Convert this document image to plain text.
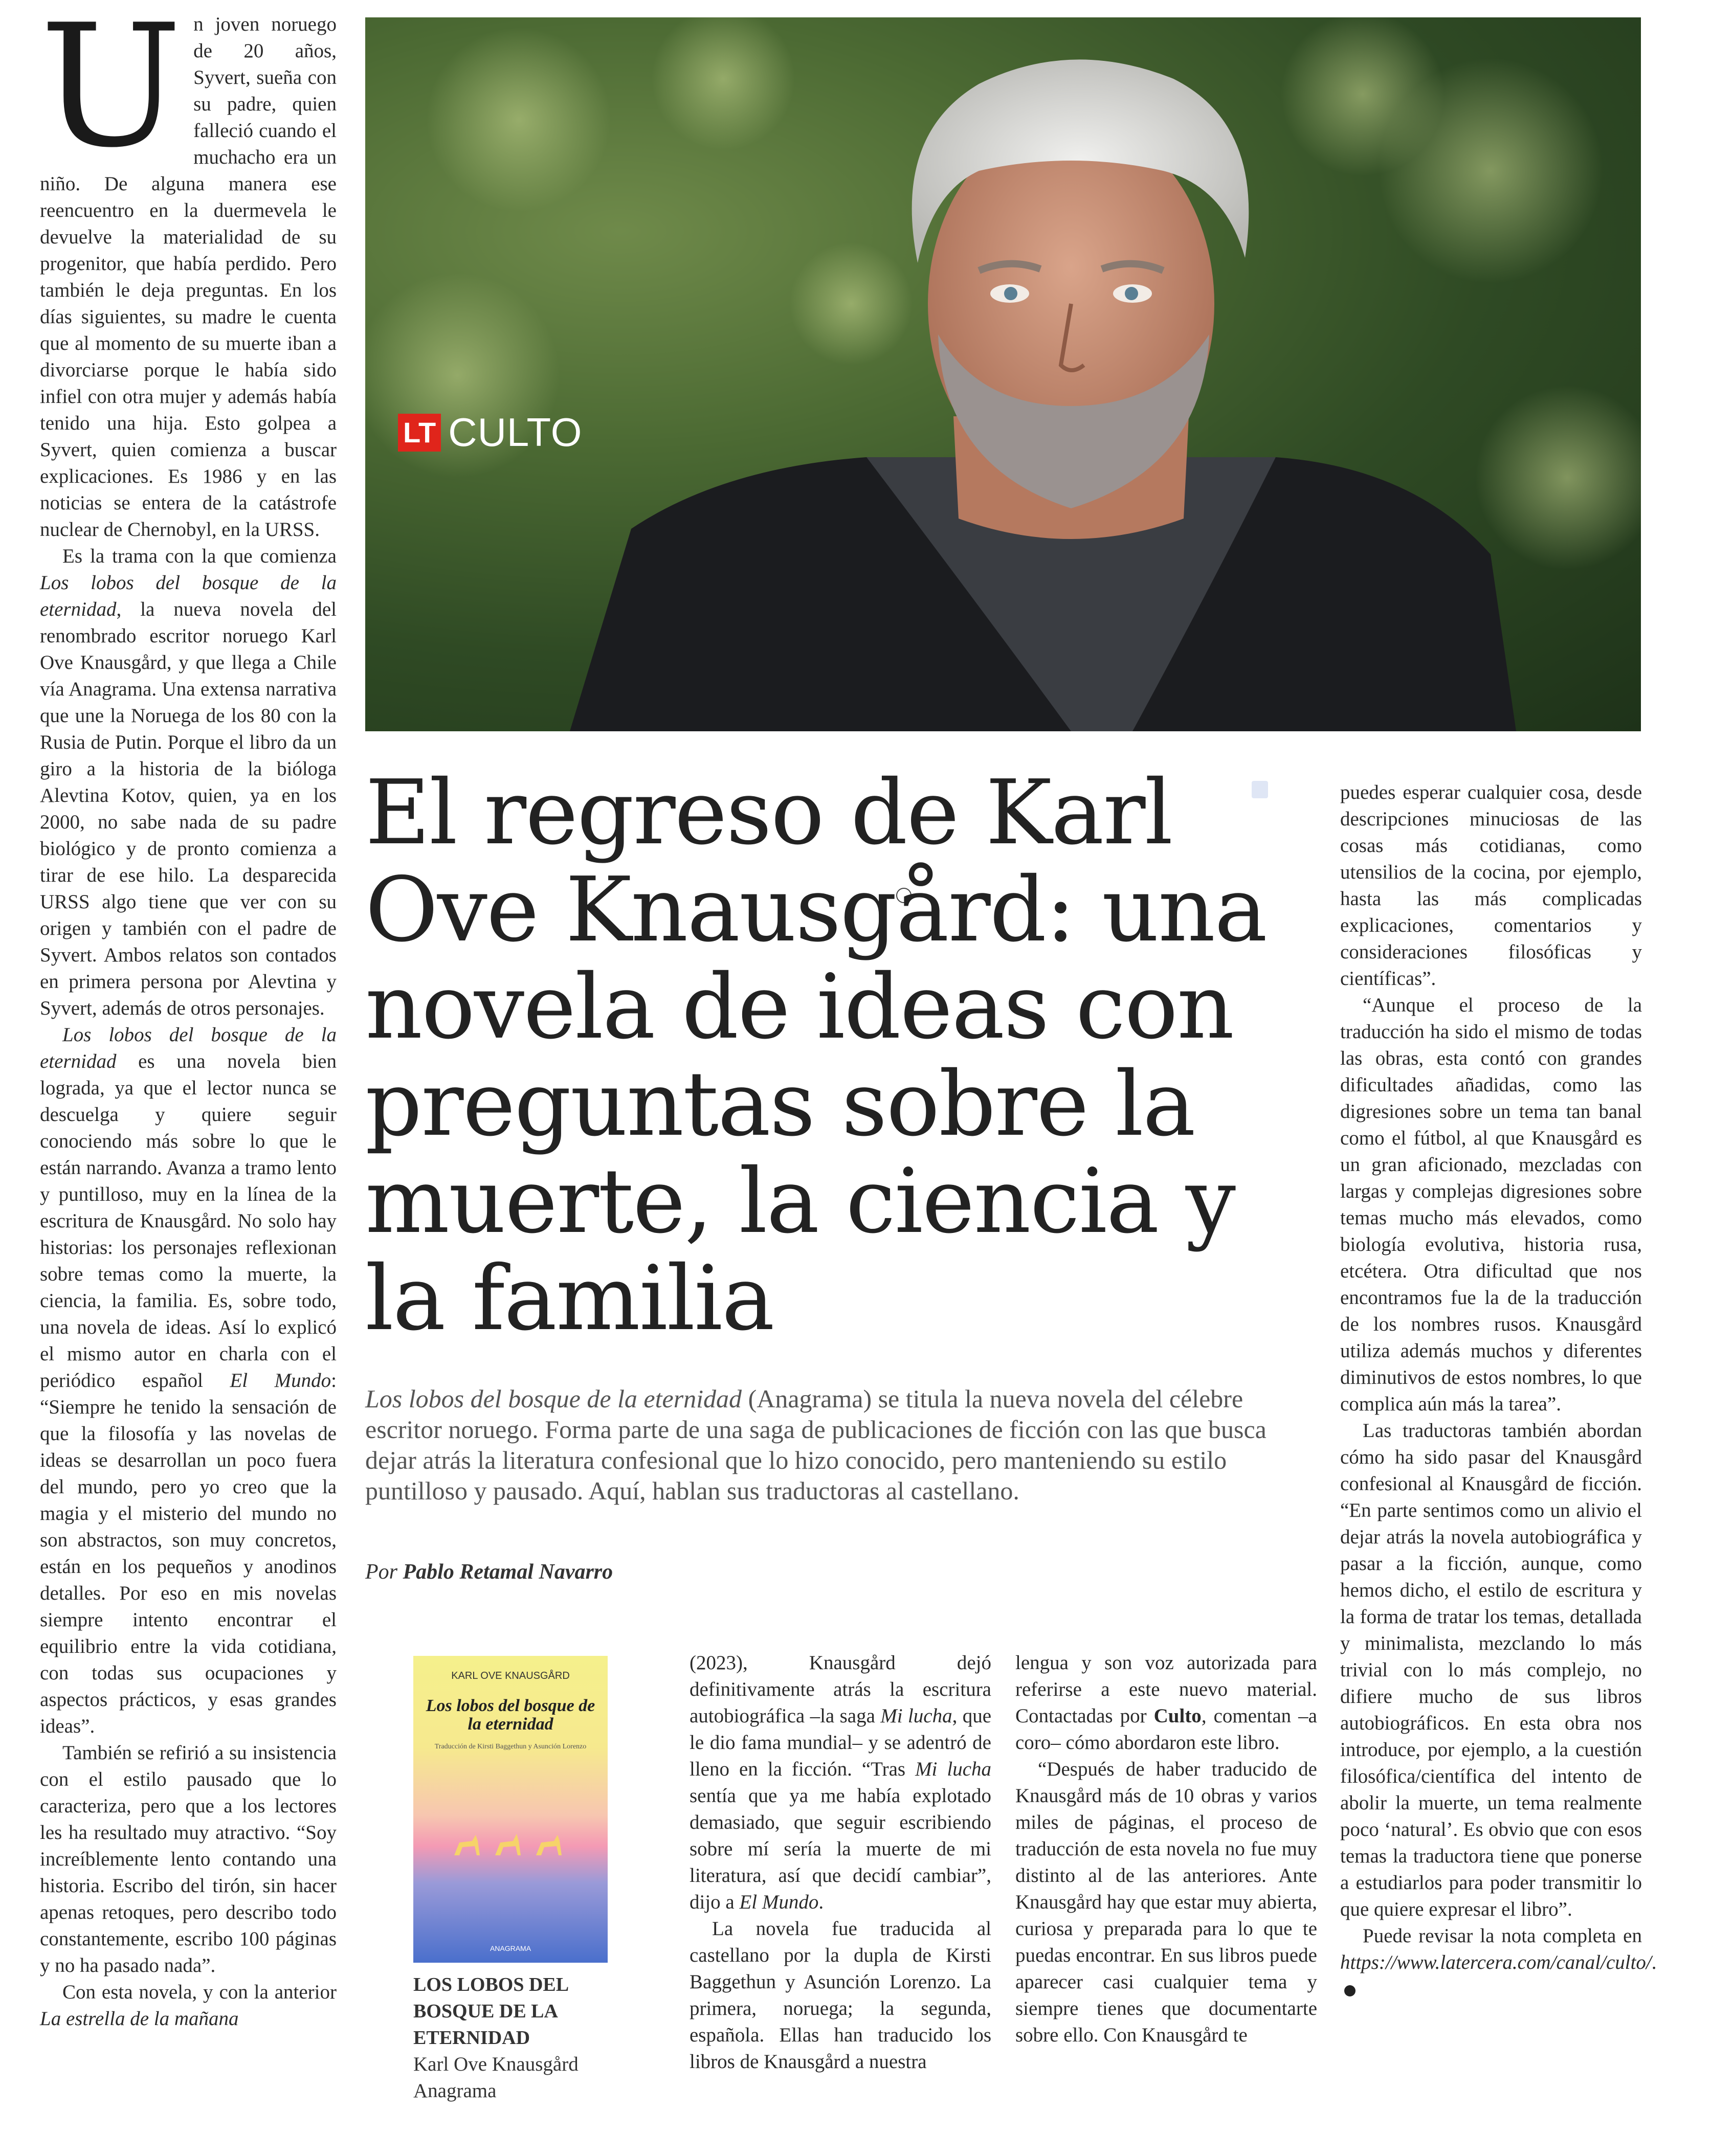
U n joven noruego de 20 años, Syvert, sueña con su padre, quien falleció cuando el muchacho era un niño. De alguna manera ese reencuentro en la duermevela le devuelve la materialidad de su progenitor, que había perdido. Pero también le deja preguntas. En los días siguientes, su madre le cuenta que al momento de su muerte iban a divorciarse porque le había sido infiel con otra mujer y además había tenido una hija. Esto golpea a Syvert, quien comienza a buscar explicaciones. Es 1986 y en las noticias se entera de la catástrofe nuclear de Chernobyl, en la URSS.

Es la trama con la que comienza Los lobos del bosque de la eternidad, la nueva novela del renombrado escritor noruego Karl Ove Knausgård, y que llega a Chile vía Anagrama. Una extensa narrativa que une la Noruega de los 80 con la Rusia de Putin. Porque el libro da un giro a la historia de la bióloga Alevtina Kotov, quien, ya en los 2000, no sabe nada de su padre biológico y de pronto comienza a tirar de ese hilo. La desparecida URSS algo tiene que ver con su origen y también con el padre de Syvert. Ambos relatos son contados en primera persona por Alevtina y Syvert, además de otros personajes.

Los lobos del bosque de la eternidad es una novela bien lograda, ya que el lector nunca se descuelga y quiere seguir conociendo más sobre lo que le están narrando. Avanza a tramo lento y puntilloso, muy en la línea de la escritura de Knausgård. No solo hay historias: los personajes reflexionan sobre temas como la muerte, la ciencia, la familia. Es, sobre todo, una novela de ideas. Así lo explicó el mismo autor en charla con el periódico español El Mundo: “Siempre he tenido la sensación de que la filosofía y las novelas de ideas se desarrollan un poco fuera del mundo, pero yo creo que la magia y el misterio del mundo no son abstractos, son muy concretos, están en los pequeños y anodinos detalles. Por eso en mis novelas siempre intento encontrar el equilibrio entre la vida cotidiana, con todas sus ocupaciones y aspectos prácticos, y esas grandes ideas”.

También se refirió a su insistencia con el estilo pausado que lo caracteriza, pero que a los lectores les ha resultado muy atractivo. “Soy increíblemente lento contando una historia. Escribo del tirón, sin hacer apenas retoques, pero describo todo constantemente, escribo 100 páginas y no ha pasado nada”.

Con esta novela, y con la anterior La estrella de la mañana

LT CULTO
El regreso de Karl Ove Knausgård: una novela de ideas con preguntas sobre la muerte, la ciencia y la familia
Los lobos del bosque de la eternidad (Anagrama) se titula la nueva novela del célebre escritor noruego. Forma parte de una saga de publicaciones de ficción con las que busca dejar atrás la literatura confesional que lo hizo conocido, pero manteniendo su estilo puntilloso y pausado. Aquí, hablan sus traductoras al castellano.
Por Pablo Retamal Navarro
KARL OVE KNAUSGÅRD
Los lobos del bosque de la eternidad
Traducción de Kirsti Baggethun y Asunción Lorenzo
ANAGRAMA
LOS LOBOS DEL BOSQUE DE LA ETERNIDAD
Karl Ove Knausgård
Anagrama

(2023), Knausgård dejó definitivamente atrás la escritura autobiográfica –la saga Mi lucha, que le dio fama mundial– y se adentró de lleno en la ficción. “Tras Mi lucha sentía que ya me había explotado demasiado, que seguir escribiendo sobre mí sería la muerte de mi literatura, así que decidí cambiar”, dijo a El Mundo.

La novela fue traducida al castellano por la dupla de Kirsti Baggethun y Asunción Lorenzo. La primera, noruega; la segunda, española. Ellas han traducido los libros de Knausgård a nuestra

lengua y son voz autorizada para referirse a este nuevo material. Contactadas por Culto, comentan –a coro– cómo abordaron este libro.

“Después de haber traducido de Knausgård más de 10 obras y varios miles de páginas, el proceso de traducción de esta novela no fue muy distinto al de las anteriores. Ante Knausgård hay que estar muy abierta, curiosa y preparada para lo que te puedas encontrar. En sus libros puede aparecer casi cualquier tema y siempre tienes que documentarte sobre ello. Con Knausgård te

puedes esperar cualquier cosa, desde descripciones minuciosas de las cosas más cotidianas, como utensilios de la cocina, por ejemplo, hasta las más complicadas explicaciones, comentarios y consideraciones filosóficas y científicas”.

“Aunque el proceso de la traducción ha sido el mismo de todas las obras, esta contó con grandes dificultades añadidas, como las digresiones sobre un tema tan banal como el fútbol, al que Knausgård es un gran aficionado, mezcladas con largas y complejas digresiones sobre temas mucho más elevados, como biología evolutiva, historia rusa, etcétera. Otra dificultad que nos encontramos fue la de la traducción de los nombres rusos. Knausgård utiliza además muchos y diferentes diminutivos de estos nombres, lo que complica aún más la tarea”.

Las traductoras también abordan cómo ha sido pasar del Knausgård confesional al Knausgård de ficción. “En parte sentimos como un alivio el dejar atrás la novela autobiográfica y pasar a la ficción, aunque, como hemos dicho, el estilo de escritura y la forma de tratar los temas, detallada y minimalista, mezclando lo más trivial con lo más complejo, no difiere mucho de sus libros autobiográficos. En esta obra nos introduce, por ejemplo, a la cuestión filosófica/científica del intento de abolir la muerte, un tema realmente poco ‘natural’. Es obvio que con esos temas la traductora tiene que ponerse a estudiarlos para poder transmitir lo que quiere expresar el libro”.

Puede revisar la nota completa en https://www.latercera.com/canal/culto/.
